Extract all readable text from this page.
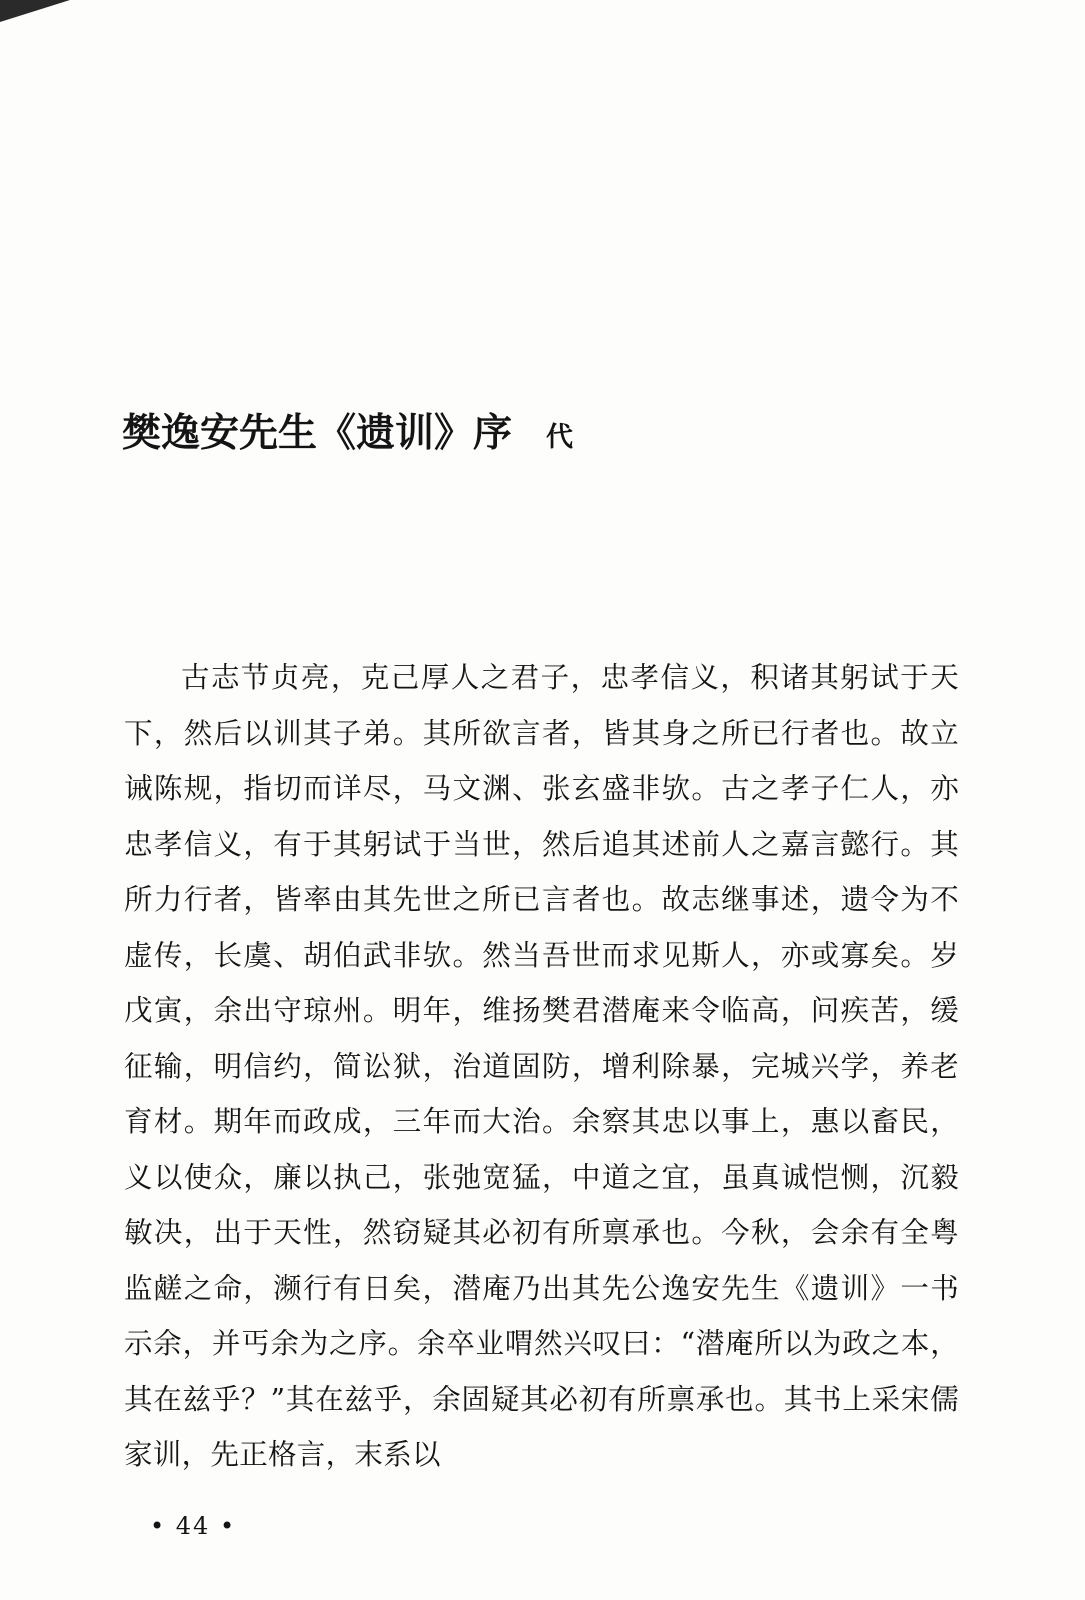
樊逸安先生《遗训》序 代

古志节贞亮，克己厚人之君子，忠孝信义，积诸其躬试于天下，然后以训其子弟。其所欲言者，皆其身之所已行者也。故立诫陈规，指切而详尽，马文渊、张玄盛非欤。古之孝子仁人，亦忠孝信义，有于其躬试于当世，然后追其述前人之嘉言懿行。其所力行者，皆率由其先世之所已言者也。故志继事述，遗令为不虚传，长虞、胡伯武非欤。然当吾世而求见斯人，亦或寡矣。岁戊寅，余出守琼州。明年，维扬樊君潜庵来令临高，问疾苦，缓征输，明信约，简讼狱，治道固防，增利除暴，完城兴学，养老育材。期年而政成，三年而大治。余察其忠以事上，惠以畜民，义以使众，廉以执己，张弛宽猛，中道之宜，虽真诚恺恻，沉毅敏决，出于天性，然窃疑其必初有所禀承也。今秋，会余有全粤监鹾之命，濒行有日矣，潜庵乃出其先公逸安先生《遗训》一书示余，并丐余为之序。余卒业喟然兴叹曰：“潜庵所以为政之本，其在兹乎？”其在兹乎，余固疑其必初有所禀承也。其书上采宋儒家训，先正格言，末系以

• 44 •
